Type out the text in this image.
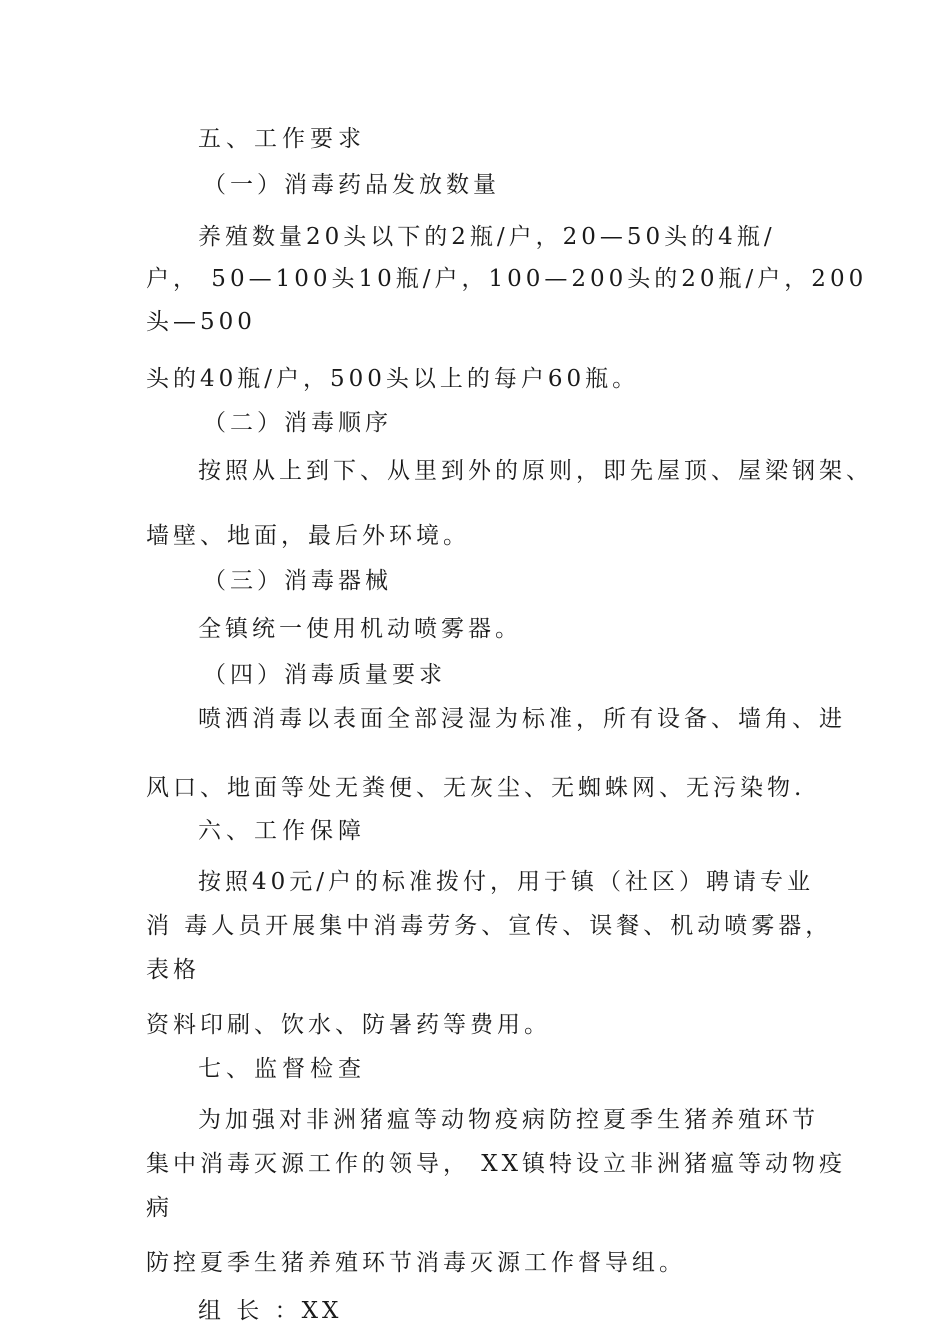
五、工作要求
（一）消毒药品发放数量
养殖数量20头以下的2瓶/户，20—50头的4瓶/
户， 50—100头10瓶/户，100—200头的20瓶/户，200
头—500
头的40瓶/户，500头以上的每户60瓶。
（二）消毒顺序
按照从上到下、从里到外的原则，即先屋顶、屋梁钢架、
墙壁、地面，最后外环境。
（三）消毒器械
全镇统一使用机动喷雾器。
（四）消毒质量要求
喷洒消毒以表面全部浸湿为标准，所有设备、墙角、进
风口、地面等处无粪便、无灰尘、无蜘蛛网、无污染物.
六、工作保障
按照40元/户的标准拨付，用于镇（社区）聘请专业
消 毒人员开展集中消毒劳务、宣传、误餐、机动喷雾器，
表格
资料印刷、饮水、防暑药等费用。
七、监督检查
为加强对非洲猪瘟等动物疫病防控夏季生猪养殖环节
集中消毒灭源工作的领导， XX镇特设立非洲猪瘟等动物疫
病
防控夏季生猪养殖环节消毒灭源工作督导组。
组 长 ：XX
